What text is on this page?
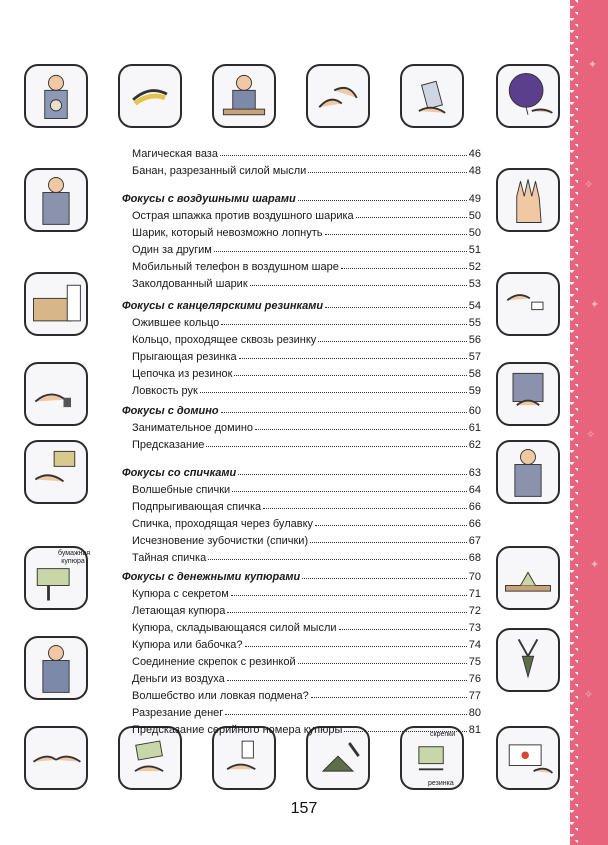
✦
✧
✦
✧
✦
✧
скрепки
резинка
бумажная купюра
Магическая ваза	46
Банан, разрезанный силой мысли	48
Фокусы с воздушными шарами	49
Острая шпажка против воздушного шарика	50
Шарик, который невозможно лопнуть	50
Один за другим	51
Мобильный телефон в воздушном шаре	52
Заколдованный шарик	53
Фокусы с канцелярскими резинками	54
Ожившее кольцо	55
Кольцо, проходящее сквозь резинку	56
Прыгающая резинка	57
Цепочка из резинок	58
Ловкость рук	59
Фокусы с домино	60
Занимательное домино	61
Предсказание	62
Фокусы со спичками	63
Волшебные спички	64
Подпрыгивающая спичка	66
Спичка, проходящая через булавку	66
Исчезновение зубочистки (спички)	67
Тайная спичка	68
Фокусы с денежными купюрами	70
Купюра с секретом	71
Летающая купюра	72
Купюра, складывающаяся силой мысли	73
Купюра или бабочка?	74
Соединение скрепок с резинкой	75
Деньги из воздуха	76
Волшебство или ловкая подмена?	77
Разрезание денег	80
Предсказание серийного номера купюры	81
157
